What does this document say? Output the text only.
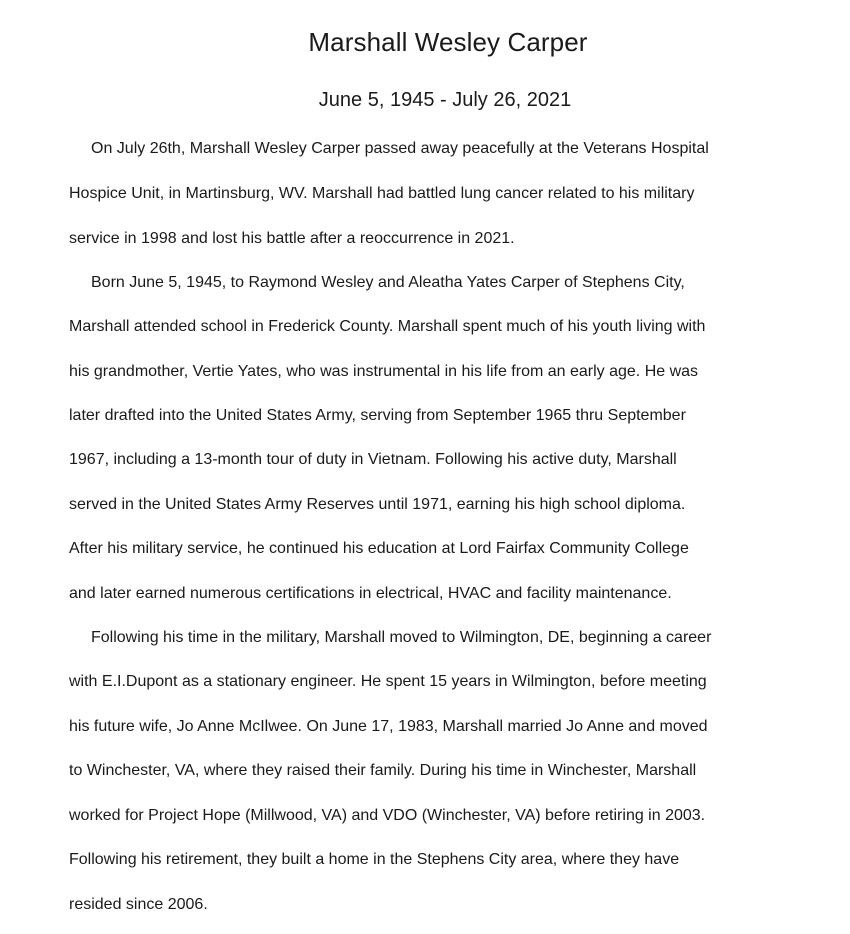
Marshall Wesley Carper
June 5, 1945 - July 26, 2021
On July 26th, Marshall Wesley Carper passed away peacefully at the Veterans Hospital
Hospice Unit, in Martinsburg, WV. Marshall had battled lung cancer related to his military
service in 1998 and lost his battle after a reoccurrence in 2021.
Born June 5, 1945, to Raymond Wesley and Aleatha Yates Carper of Stephens City,
Marshall attended school in Frederick County. Marshall spent much of his youth living with
his grandmother, Vertie Yates, who was instrumental in his life from an early age. He was
later drafted into the United States Army, serving from September 1965 thru September
1967, including a 13-month tour of duty in Vietnam. Following his active duty, Marshall
served in the United States Army Reserves until 1971, earning his high school diploma.
After his military service, he continued his education at Lord Fairfax Community College
and later earned numerous certifications in electrical, HVAC and facility maintenance.
Following his time in the military, Marshall moved to Wilmington, DE, beginning a career
with E.I.Dupont as a stationary engineer. He spent 15 years in Wilmington, before meeting
his future wife, Jo Anne McIlwee. On June 17, 1983, Marshall married Jo Anne and moved
to Winchester, VA, where they raised their family. During his time in Winchester, Marshall
worked for Project Hope (Millwood, VA) and VDO (Winchester, VA) before retiring in 2003.
Following his retirement, they built a home in the Stephens City area, where they have
resided since 2006.
